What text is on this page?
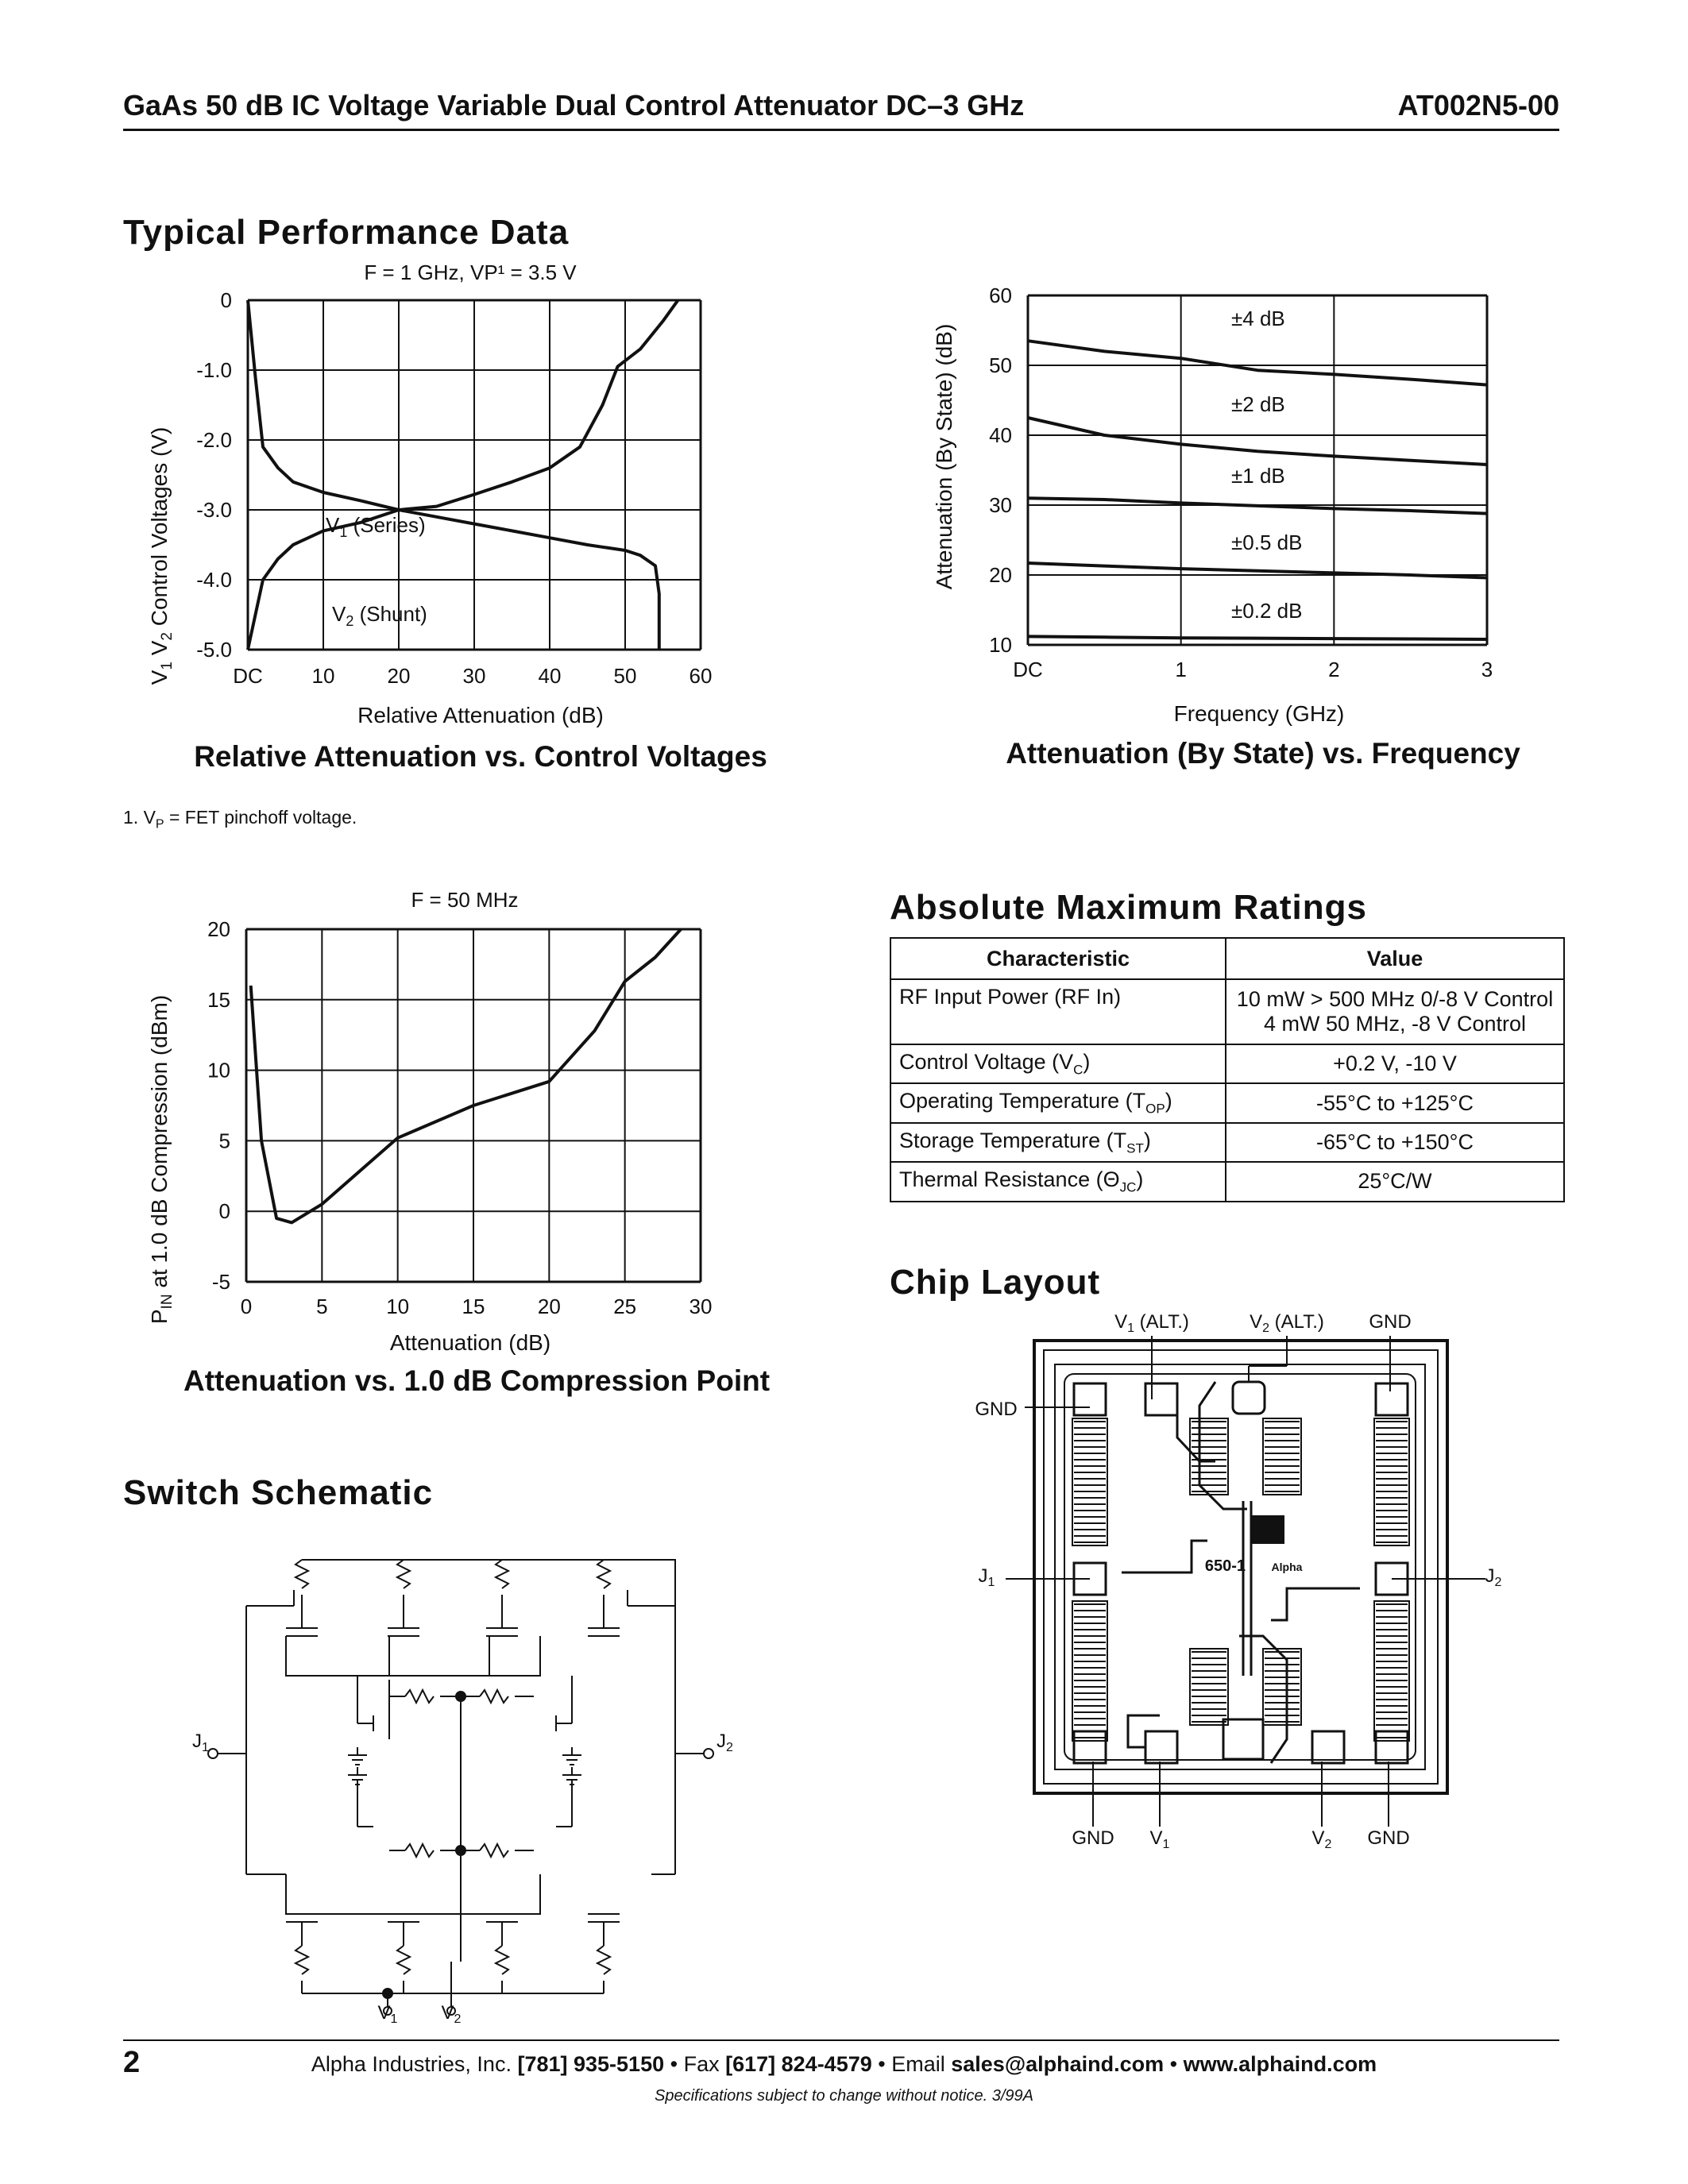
GaAs 50 dB IC Voltage Variable Dual Control Attenuator DC–3 GHz	AT002N5-00
Typical Performance Data
F = 1 GHz, VP¹ = 3.5 V
DC 10	20	30	40	50	60
0
-1.0
-2.0
-3.0
-4.0
-5.0
$V_1$ (Series)
$V_2$ (Shunt)
Relative Attenuation (dB)
$V_1$ $V_2$ Control Voltages (V)
Relative Attenuation vs. Control Voltages
DC	1	2	3
60
50
40
30
20
10
±4 dB
±2 dB
±1 dB
±0.5 dB
±0.2 dB
Frequency (GHz)
Attenuation (By State) (dB)
Attenuation (By State) vs. Frequency
1. $V_P$ = FET pinchoff voltage.
F = 50 MHz
0	5	10	15	20	25	30
20
15
10
5
0
-5
Attenuation (dB)
$P_{IN}$ at 1.0 dB Compression (dBm)
Attenuation vs. 1.0 dB Compression Point
Absolute Maximum Ratings
Characteristic	Value
RF Input Power (RF In)	10 mW > 500 MHz 0/-8 V Control
4 mW 50 MHz, -8 V Control

Control Voltage $(V_C)$	+0.2 V, -10 V
Operating Temperature $(T_{OP})$	-55°C to +125°C
Storage Temperature $(T_{ST})$	-65°C to +150°C
Thermal Resistance $(\Theta_{JC})$	25°C/W
Chip Layout
$V_1$ (ALT.)	$V_2$ (ALT.) GND
GND
$J_1$	$J_2$
GND $V_1$	$V_2$ GND
650-1 Alpha
Switch Schematic
$J_1$	$J_2$
$V_1$ $V_2$
2	Alpha Industries, Inc. [781] 935-5150 • Fax [617] 824-4579 • Email sales@alphaind.com • www.alphaind.com
Specifications subject to change without notice. 3/99A
